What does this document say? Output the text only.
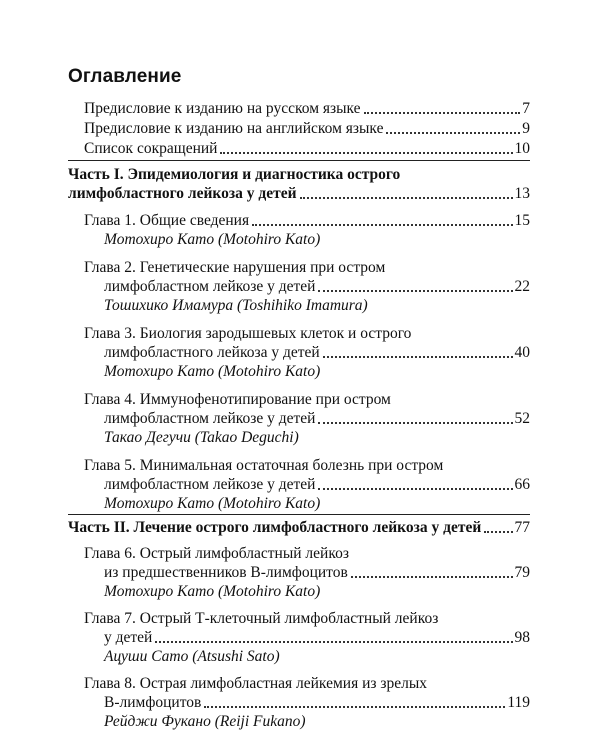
Оглавление
Предисловие к изданию на русском языке	7
Предисловие к изданию на английском языке	9
Список сокращений	10
Часть I. Эпидемиология и диагностика острого
лимфобластного лейкоза у детей	13
Глава 1. Общие сведения	15
Мотохиро Като (Motohiro Kato)
Глава 2. Генетические нарушения при остром
лимфобластном лейкозе у детей	22
Тошихико Имамура (Toshihiko Imamura)
Глава 3. Биология зародышевых клеток и острого
лимфобластного лейкоза у детей	40
Мотохиро Като (Motohiro Kato)
Глава 4. Иммунофенотипирование при остром
лимфобластном лейкозе у детей	52
Такао Дегучи (Takao Deguchi)
Глава 5. Минимальная остаточная болезнь при остром
лимфобластном лейкозе у детей	66
Мотохиро Като (Motohiro Kato)
Часть II. Лечение острого лимфобластного лейкоза у детей 77
Глава 6. Острый лимфобластный лейкоз
из предшественников В-лимфоцитов	79
Мотохиро Като (Motohiro Kato)
Глава 7. Острый Т-клеточный лимфобластный лейкоз
у детей	98
Ацуши Сато (Atsushi Sato)
Глава 8. Острая лимфобластная лейкемия из зрелых
В-лимфоцитов	119
Рейджи Фукано (Reiji Fukano)
